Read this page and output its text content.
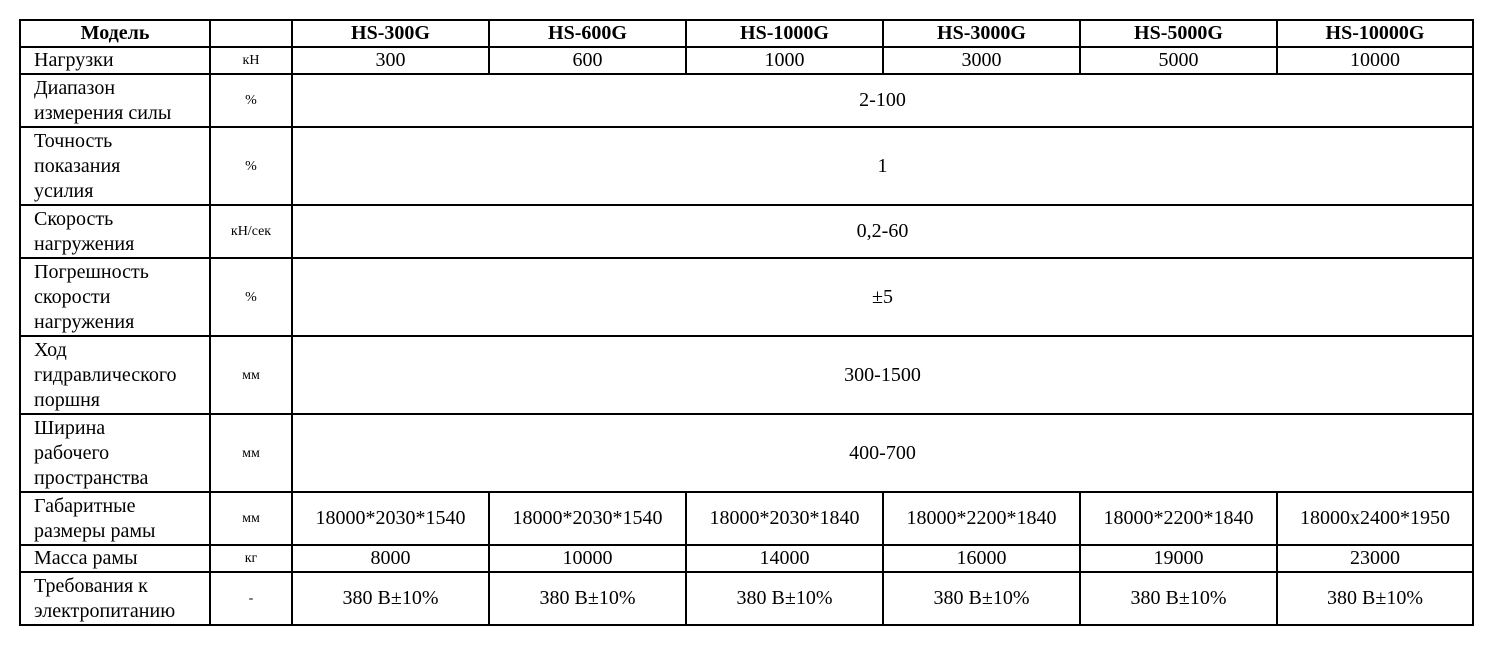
Модель		HS-300G	HS-600G	HS-1000G	HS-3000G	HS-5000G	HS-10000G
Нагрузки	кН	300	600	1000	3000	5000	10000

Диапазон
измерения силы	%	2-100					

Точность
показания
усилия	%	1					

Скорость
нагружения	кН/сек	0,2-60					

Погрешность
скорости
нагружения	%	±5					

Ход
гидравлического
поршня	мм	300-1500					

Ширина
рабочего
пространства	мм	400-700					

Габаритные
размеры рамы	мм	18000*2030*1540	18000*2030*1540	18000*2030*1840	18000*2200*1840	18000*2200*1840	18000x2400*1950
Масса рамы	кг	8000	10000	14000	16000	19000	23000

Требования к
электропитанию	-	380 В±10%	380 В±10%	380 В±10%	380 В±10%	380 В±10%	380 В±10%
